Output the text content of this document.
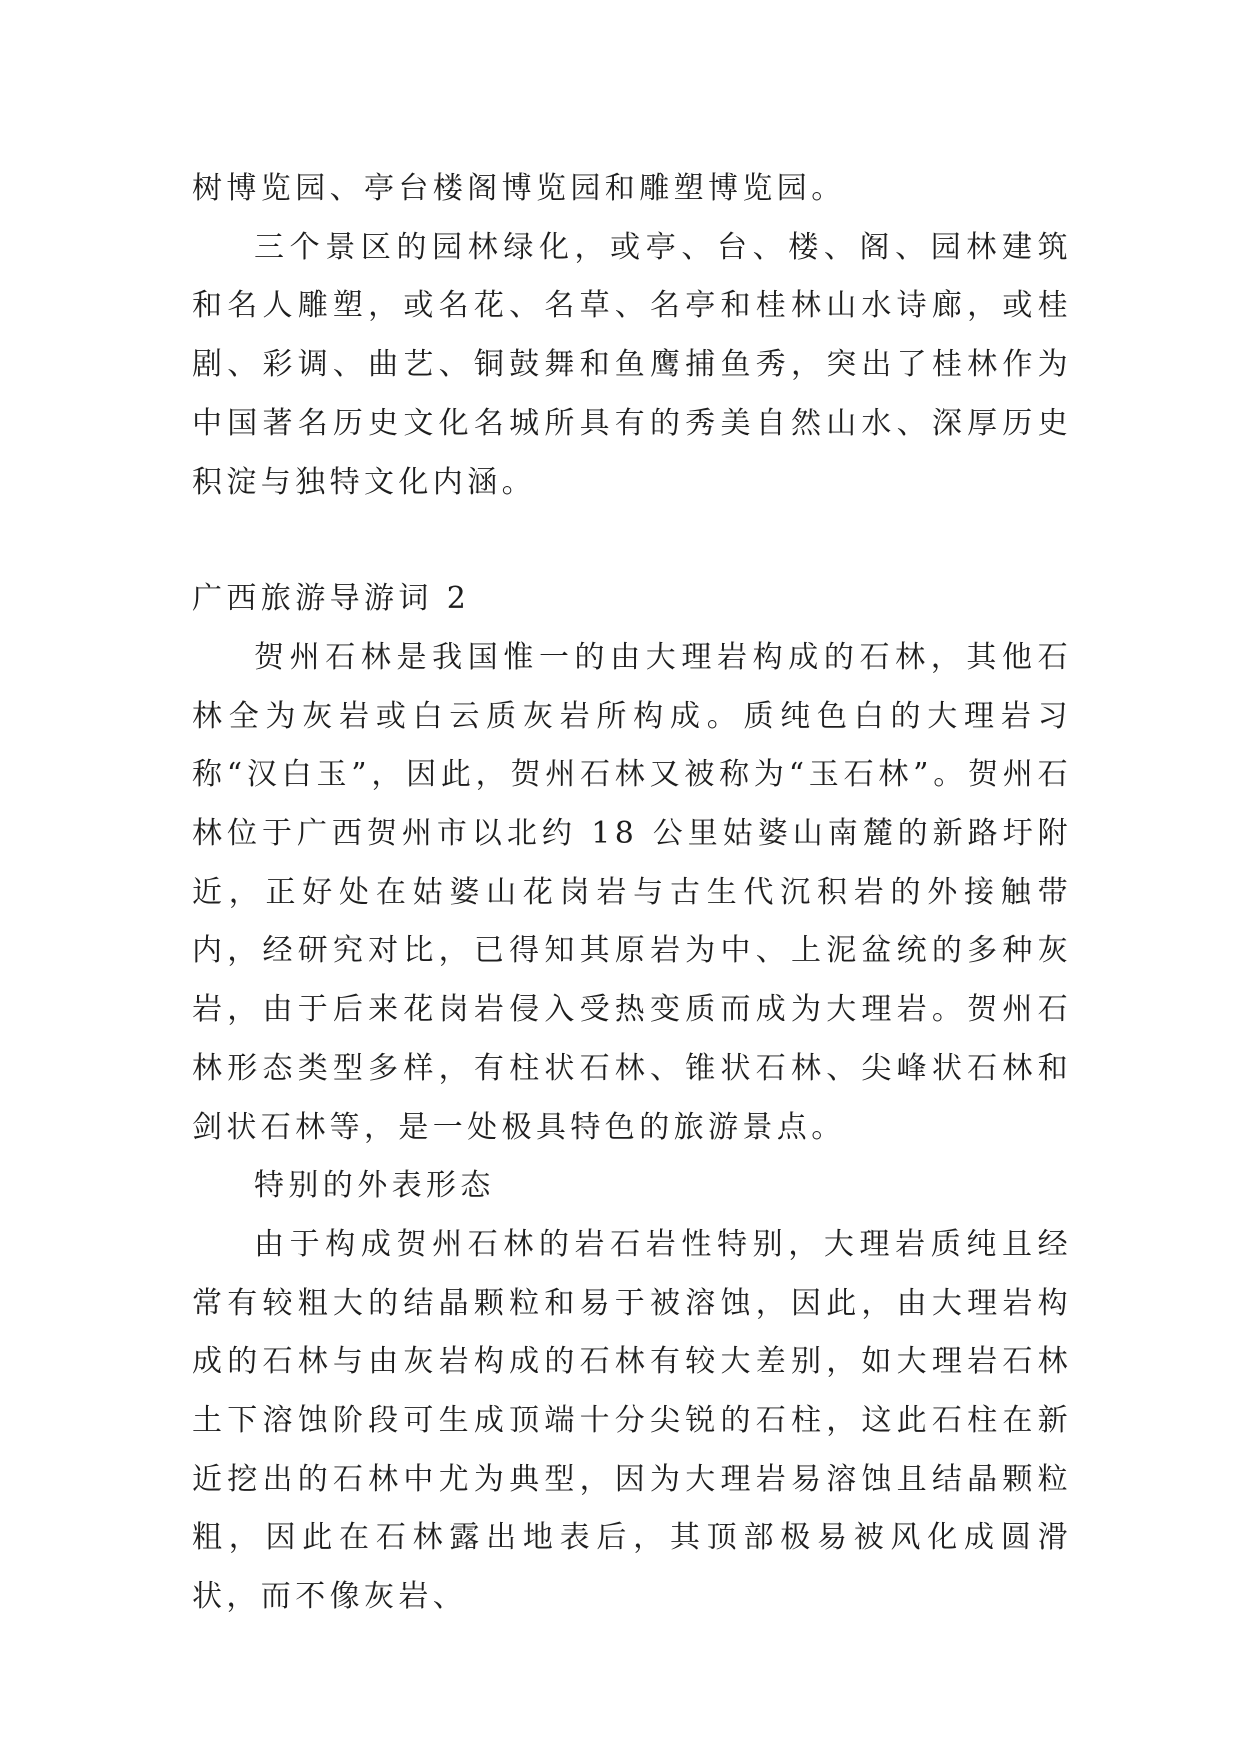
树博览园、亭台楼阁博览园和雕塑博览园。

三个景区的园林绿化，或亭、台、楼、阁、园林建筑和名人雕塑，或名花、名草、名亭和桂林山水诗廊，或桂剧、彩调、曲艺、铜鼓舞和鱼鹰捕鱼秀，突出了桂林作为中国著名历史文化名城所具有的秀美自然山水、深厚历史积淀与独特文化内涵。

广西旅游导游词 2

贺州石林是我国惟一的由大理岩构成的石林，其他石林全为灰岩或白云质灰岩所构成。质纯色白的大理岩习称“汉白玉”，因此，贺州石林又被称为“玉石林”。贺州石林位于广西贺州市以北约 18 公里姑婆山南麓的新路圩附近，正好处在姑婆山花岗岩与古生代沉积岩的外接触带内，经研究对比，已得知其原岩为中、上泥盆统的多种灰岩，由于后来花岗岩侵入受热变质而成为大理岩。贺州石林形态类型多样，有柱状石林、锥状石林、尖峰状石林和剑状石林等，是一处极具特色的旅游景点。

特别的外表形态

由于构成贺州石林的岩石岩性特别，大理岩质纯且经常有较粗大的结晶颗粒和易于被溶蚀，因此，由大理岩构成的石林与由灰岩构成的石林有较大差别，如大理岩石林土下溶蚀阶段可生成顶端十分尖锐的石柱，这此石柱在新近挖出的石林中尤为典型，因为大理岩易溶蚀且结晶颗粒粗，因此在石林露出地表后，其顶部极易被风化成圆滑状，而不像灰岩、
